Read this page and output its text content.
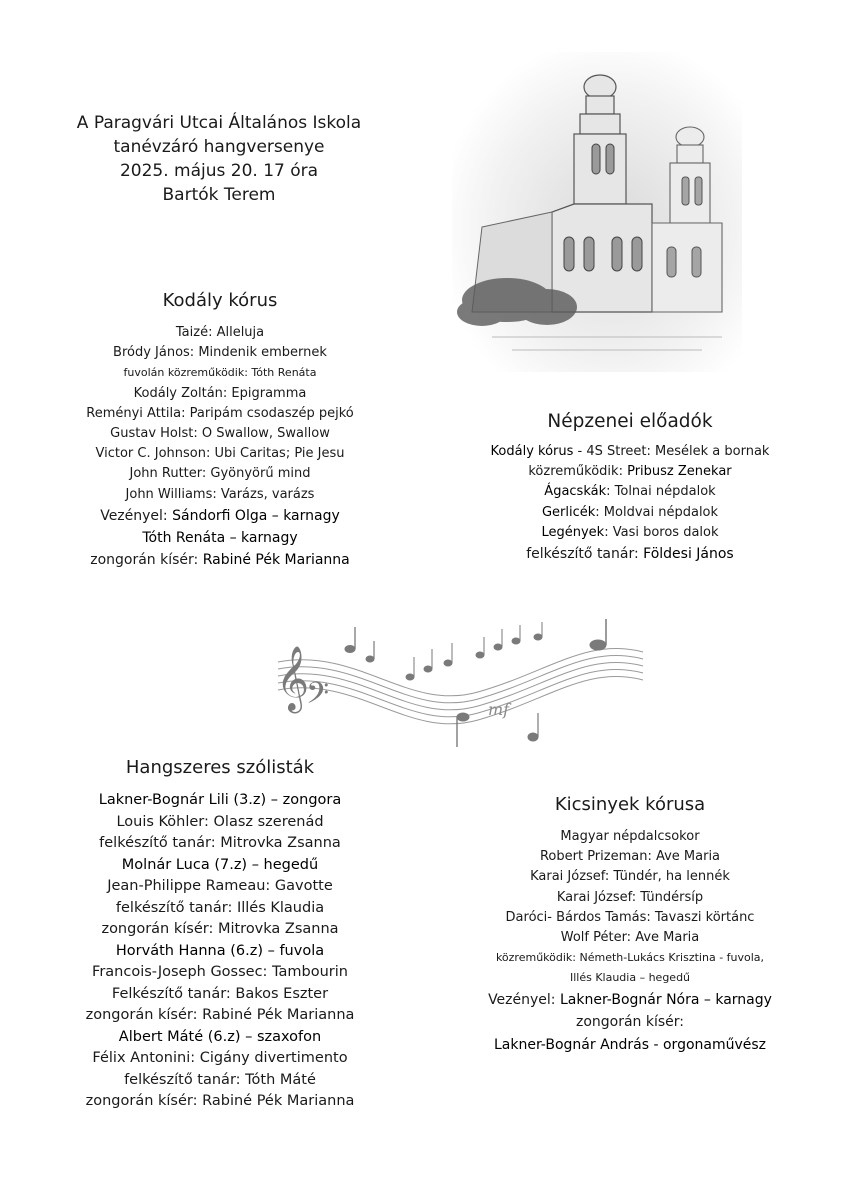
𝄞
𝄢	mf
A Paragvári Utcai Általános Iskola
tanévzáró hangversenye
2025. május 20. 17 óra
Bartók Terem
Kodály kórus
Taizé: Alleluja
Bródy János: Mindenik embernek
fuvolán közreműködik: Tóth Renáta
Kodály Zoltán: Epigramma
Reményi Attila: Paripám csodaszép pejkó
Gustav Holst: O Swallow, Swallow
Victor C. Johnson: Ubi Caritas; Pie Jesu
John Rutter: Gyönyörű mind
John Williams: Varázs, varázs
Vezényel: Sándorfi Olga – karnagy
Tóth Renáta – karnagy
zongorán kísér: Rabiné Pék Marianna
Népzenei előadók
Kodály kórus - 4S Street: Mesélek a bornak
közreműködik: Pribusz Zenekar
Ágacskák: Tolnai népdalok
Gerlicék: Moldvai népdalok
Legények: Vasi boros dalok
felkészítő tanár: Földesi János
Hangszeres szólisták
Lakner-Bognár Lili (3.z) – zongora
Louis Köhler: Olasz szerenád
felkészítő tanár: Mitrovka Zsanna
Molnár Luca (7.z) – hegedű
Jean-Philippe Rameau: Gavotte
felkészítő tanár: Illés Klaudia
zongorán kísér: Mitrovka Zsanna
Horváth Hanna (6.z) – fuvola
Francois-Joseph Gossec: Tambourin
Felkészítő tanár: Bakos Eszter
zongorán kísér: Rabiné Pék Marianna
Albert Máté (6.z) – szaxofon
Félix Antonini: Cigány divertimento
felkészítő tanár: Tóth Máté
zongorán kísér: Rabiné Pék Marianna
Kicsinyek kórusa
Magyar népdalcsokor
Robert Prizeman: Ave Maria
Karai József: Tündér, ha lennék
Karai József: Tündérsíp
Daróci- Bárdos Tamás: Tavaszi körtánc
Wolf Péter: Ave Maria
közreműködik: Németh-Lukács Krisztina - fuvola,
Illés Klaudia – hegedű
Vezényel: Lakner-Bognár Nóra – karnagy
zongorán kísér:
Lakner-Bognár András - orgonaművész
